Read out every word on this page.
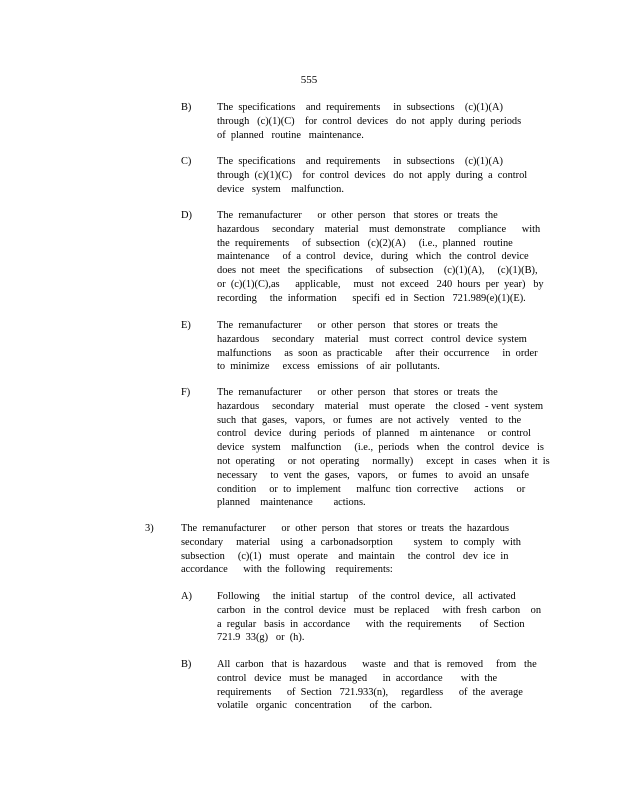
555
B) The  specifications    and  requirements     in  subsections    (c)(1)(A)
through   (c)(1)(C)    for  control  devices   do  not  apply  during  periods
of  planned   routine   maintenance.
C) The  specifications    and  requirements     in  subsections    (c)(1)(A)
through  (c)(1)(C)    for  control  devices   do  not  apply  during  a  control
device   system    malfunction.
D) The  remanufacturer      or  other  person   that  stores  or  treats  the
hazardous     secondary    material    must  demonstrate     compliance      with
the  requirements     of  subsection   (c)(2)(A)     (i.e.,  planned   routine
maintenance     of  a  control   device,   during   which   the  control  device
does  not  meet   the  specifications     of  subsection    (c)(1)(A),     (c)(1)(B),
or  (c)(1)(C),as      applicable,     must   not  exceed   240  hours  per  year)   by
recording     the  information      specifi  ed  in  Section   721.989(e)(1)(E).
E)	The  remanufacturer      or  other  person   that  stores  or  treats  the
hazardous     secondary    material    must  correct   control  device  system
malfunctions     as  soon  as  practicable     after  their  occurrence     in  order
to  minimize     excess   emissions   of  air  pollutants.
F)	The  remanufacturer      or  other  person   that  stores  or  treats  the
hazardous     secondary    material    must  operate    the  closed  - vent  system
such  that  gases,   vapors,   or  fumes   are  not  actively    vented   to  the
control   device   during   periods   of  planned    m aintenance     or  control
device   system    malfunction     (i.e.,  periods   when   the  control   device   is
not  operating     or  not  operating     normally)     except   in  cases   when  it  is
necessary     to  vent  the  gases,   vapors,    or  fumes   to  avoid  an  unsafe
condition     or  to  implement      malfunc  tion  corrective      actions     or
planned    maintenance        actions.
3)	The  remanufacturer      or  other  person   that  stores  or  treats  the  hazardous
secondary     material    using   a  carbonadsorption        system   to  comply   with
subsection     (c)(1)   must   operate    and  maintain     the  control   dev  ice  in
accordance      with  the  following    requirements:
A) Following     the  initial  startup    of  the  control  device,   all  activated
carbon   in  the  control  device   must  be  replaced     with  fresh  carbon    on
a  regular   basis  in  accordance      with  the  requirements       of  Section
721.9  33(g)   or  (h).
B) All  carbon   that  is  hazardous      waste   and  that  is  removed     from   the
control   device   must  be  managed      in  accordance       with  the
requirements      of  Section   721.933(n),     regardless      of  the  average
volatile   organic   concentration       of  the  carbon.
